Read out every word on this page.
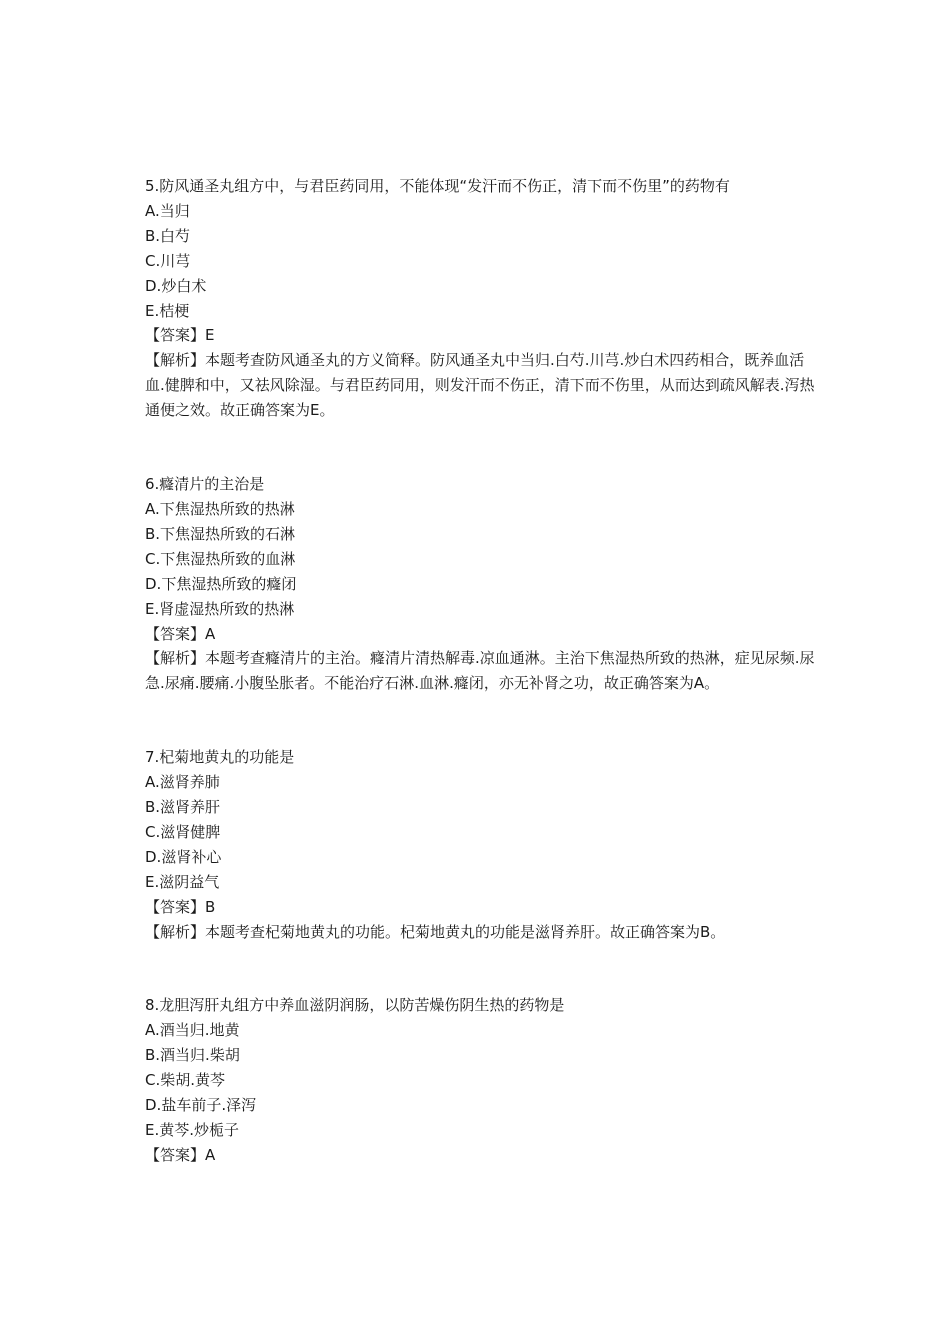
5.防风通圣丸组方中，与君臣药同用，不能体现“发汗而不伤正，清下而不伤里”的药物有
A.当归
B.白芍
C.川芎
D.炒白术
E.桔梗
【答案】E
【解析】本题考查防风通圣丸的方义简释。防风通圣丸中当归.白芍.川芎.炒白术四药相合，既养血活血.健脾和中，又祛风除湿。与君臣药同用，则发汗而不伤正，清下而不伤里，从而达到疏风解表.泻热通便之效。故正确答案为E。
6.癃清片的主治是
A.下焦湿热所致的热淋
B.下焦湿热所致的石淋
C.下焦湿热所致的血淋
D.下焦湿热所致的癃闭
E.肾虚湿热所致的热淋
【答案】A
【解析】本题考查癃清片的主治。癃清片清热解毒.凉血通淋。主治下焦湿热所致的热淋，症见尿频.尿急.尿痛.腰痛.小腹坠胀者。不能治疗石淋.血淋.癃闭，亦无补肾之功，故正确答案为A。
7.杞菊地黄丸的功能是
A.滋肾养肺
B.滋肾养肝
C.滋肾健脾
D.滋肾补心
E.滋阴益气
【答案】B
【解析】本题考查杞菊地黄丸的功能。杞菊地黄丸的功能是滋肾养肝。故正确答案为B。
8.龙胆泻肝丸组方中养血滋阴润肠，以防苦燥伤阴生热的药物是
A.酒当归.地黄
B.酒当归.柴胡
C.柴胡.黄芩
D.盐车前子.泽泻
E.黄芩.炒栀子
【答案】A
